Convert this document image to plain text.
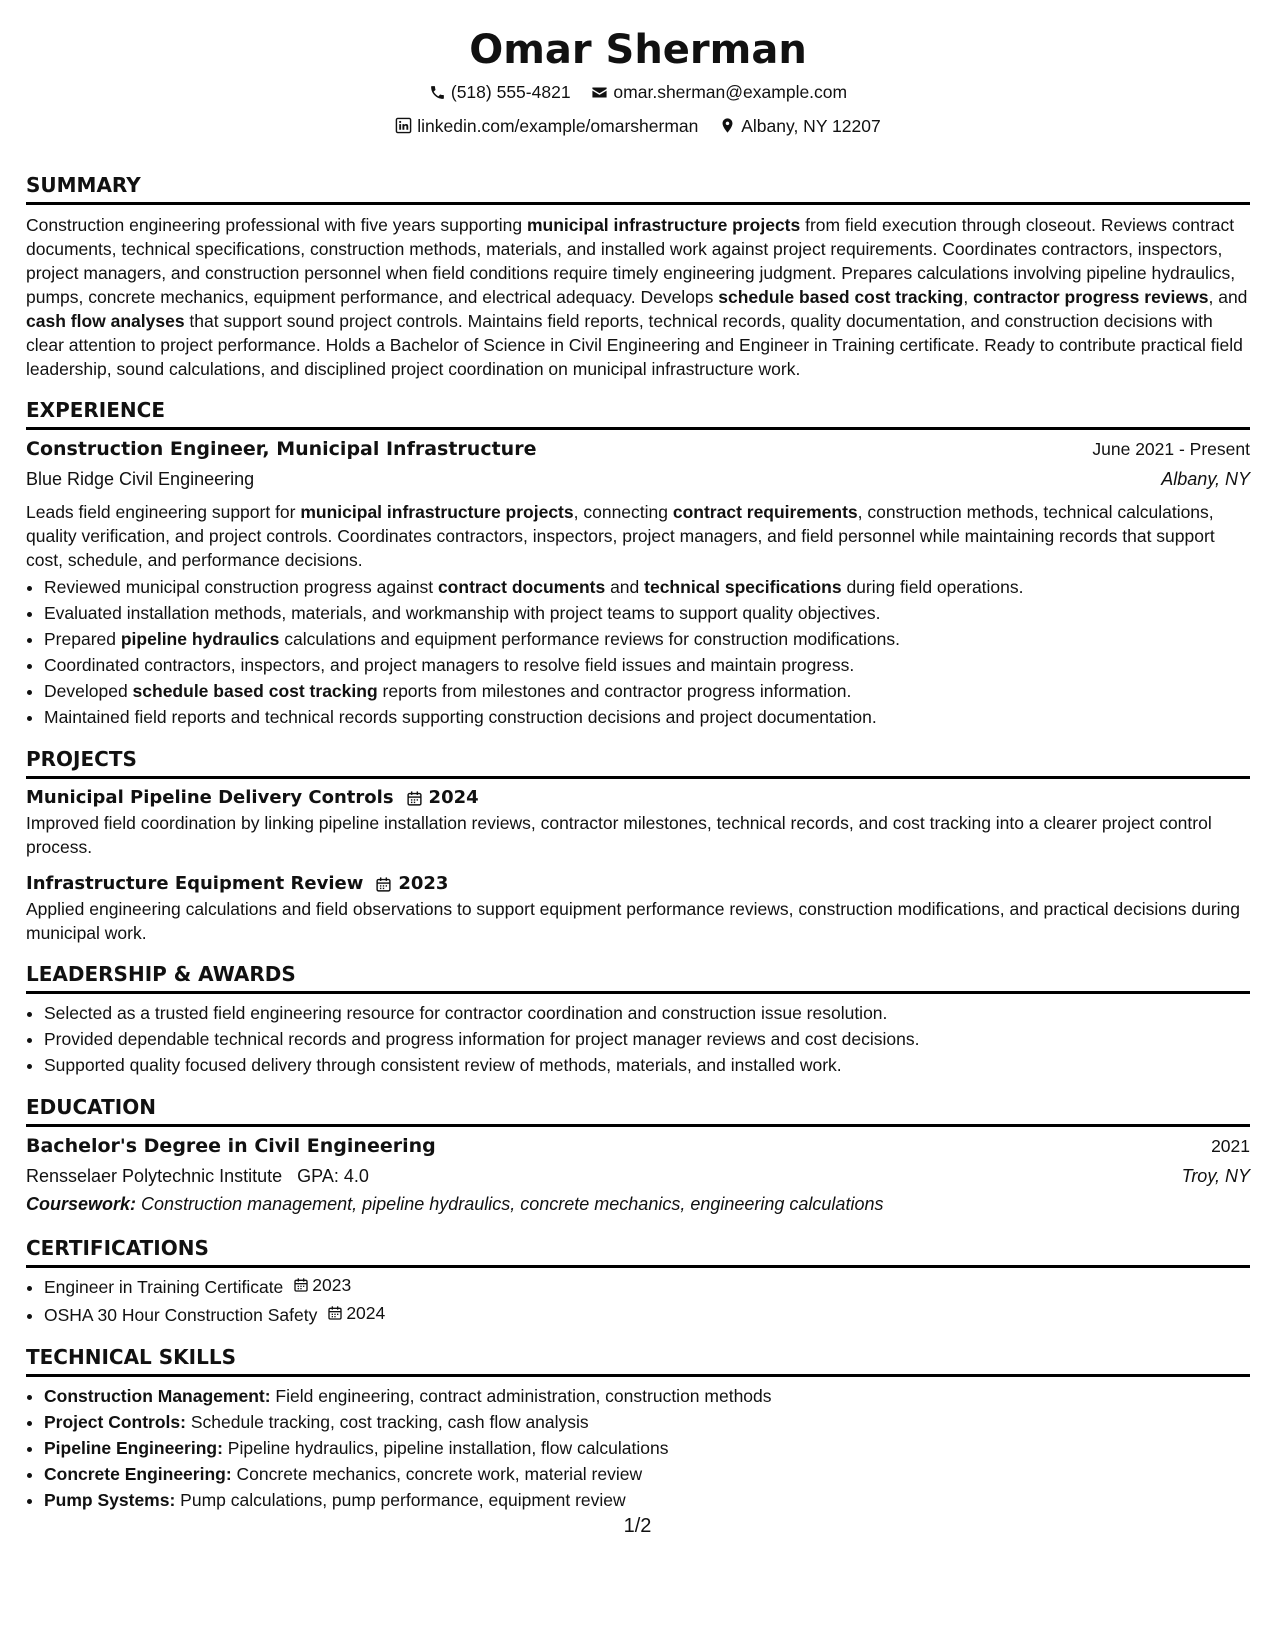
Omar Sherman
(518) 555-4821
omar.sherman@example.com
linkedin.com/example/omarsherman
Albany, NY 12207
SUMMARY

Construction engineering professional with five years supporting municipal infrastructure projects from field execution through closeout. Reviews contract documents, technical specifications, construction methods, materials, and installed work against project requirements. Coordinates contractors, inspectors, project managers, and construction personnel when field conditions require timely engineering judgment. Prepares calculations involving pipeline hydraulics, pumps, concrete mechanics, equipment performance, and electrical adequacy. Develops schedule based cost tracking, contractor progress reviews, and cash flow analyses that support sound project controls. Maintains field reports, technical records, quality documentation, and construction decisions with clear attention to project performance. Holds a Bachelor of Science in Civil Engineering and Engineer in Training certificate. Ready to contribute practical field leadership, sound calculations, and disciplined project coordination on municipal infrastructure work.

EXPERIENCE
Construction Engineer, Municipal Infrastructure	June 2021 - Present
Blue Ridge Civil Engineering	Albany, NY

Leads field engineering support for municipal infrastructure projects, connecting contract requirements, construction methods, technical calculations, quality verification, and project controls. Coordinates contractors, inspectors, project managers, and field personnel while maintaining records that support cost, schedule, and performance decisions.

• Reviewed municipal construction progress against contract documents and technical specifications during field operations.
• Evaluated installation methods, materials, and workmanship with project teams to support quality objectives.
• Prepared pipeline hydraulics calculations and equipment performance reviews for construction modifications.
• Coordinated contractors, inspectors, and project managers to resolve field issues and maintain progress.
• Developed schedule based cost tracking reports from milestones and contractor progress information.
• Maintained field reports and technical records supporting construction decisions and project documentation.
PROJECTS
Municipal Pipeline Delivery Controls 2024

Improved field coordination by linking pipeline installation reviews, contractor milestones, technical records, and cost tracking into a clearer project control process.

Infrastructure Equipment Review 2023

Applied engineering calculations and field observations to support equipment performance reviews, construction modifications, and practical decisions during municipal work.

LEADERSHIP & AWARDS
• Selected as a trusted field engineering resource for contractor coordination and construction issue resolution.
• Provided dependable technical records and progress information for project manager reviews and cost decisions.
• Supported quality focused delivery through consistent review of methods, materials, and installed work.
EDUCATION
Bachelor's Degree in Civil Engineering	2021
Rensselaer Polytechnic Institute GPA: 4.0	Troy, NY

Coursework: Construction management, pipeline hydraulics, concrete mechanics, engineering calculations

CERTIFICATIONS
• Engineer in Training Certificate 2023
• OSHA 30 Hour Construction Safety 2024
TECHNICAL SKILLS
• Construction Management: Field engineering, contract administration, construction methods
• Project Controls: Schedule tracking, cost tracking, cash flow analysis
• Pipeline Engineering: Pipeline hydraulics, pipeline installation, flow calculations
• Concrete Engineering: Concrete mechanics, concrete work, material review
• Pump Systems: Pump calculations, pump performance, equipment review
1/2
